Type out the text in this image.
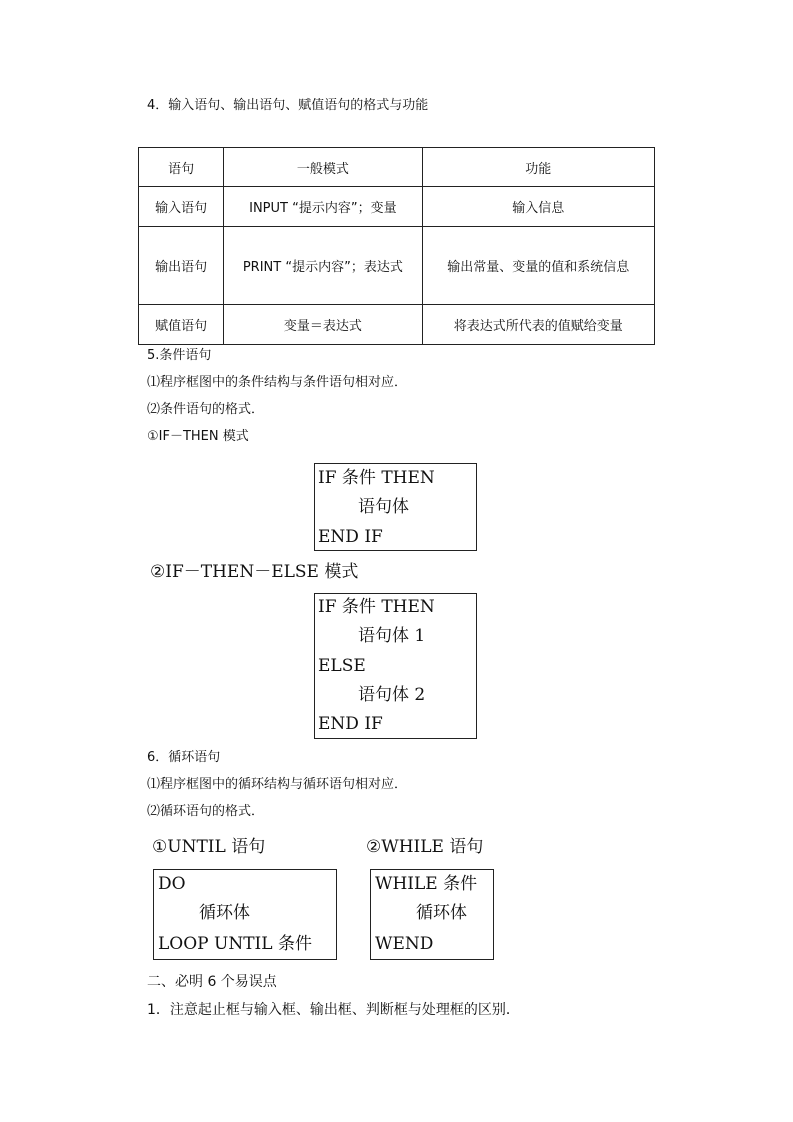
4．输入语句、输出语句、赋值语句的格式与功能
语句	一般模式	功能
输入语句	INPUT “提示内容”；变量	输入信息
输出语句	PRINT “提示内容”；表达式	输出常量、变量的值和系统信息
赋值语句	变量＝表达式	将表达式所代表的值赋给变量
5.条件语句
⑴程序框图中的条件结构与条件语句相对应．
⑵条件语句的格式．
①IF－THEN 模式
IF 条件 THEN
语句体
END IF
②IF－THEN－ELSE 模式
IF 条件 THEN
语句体 1
ELSE
语句体 2
END IF
6．循环语句
⑴程序框图中的循环结构与循环语句相对应．
⑵循环语句的格式．
①UNTIL 语句	②WHILE 语句
DO
循环体
LOOP UNTIL 条件
WHILE 条件
循环体
WEND
二、必明 6 个易误点
1．注意起止框与输入框、输出框、判断框与处理框的区别．
